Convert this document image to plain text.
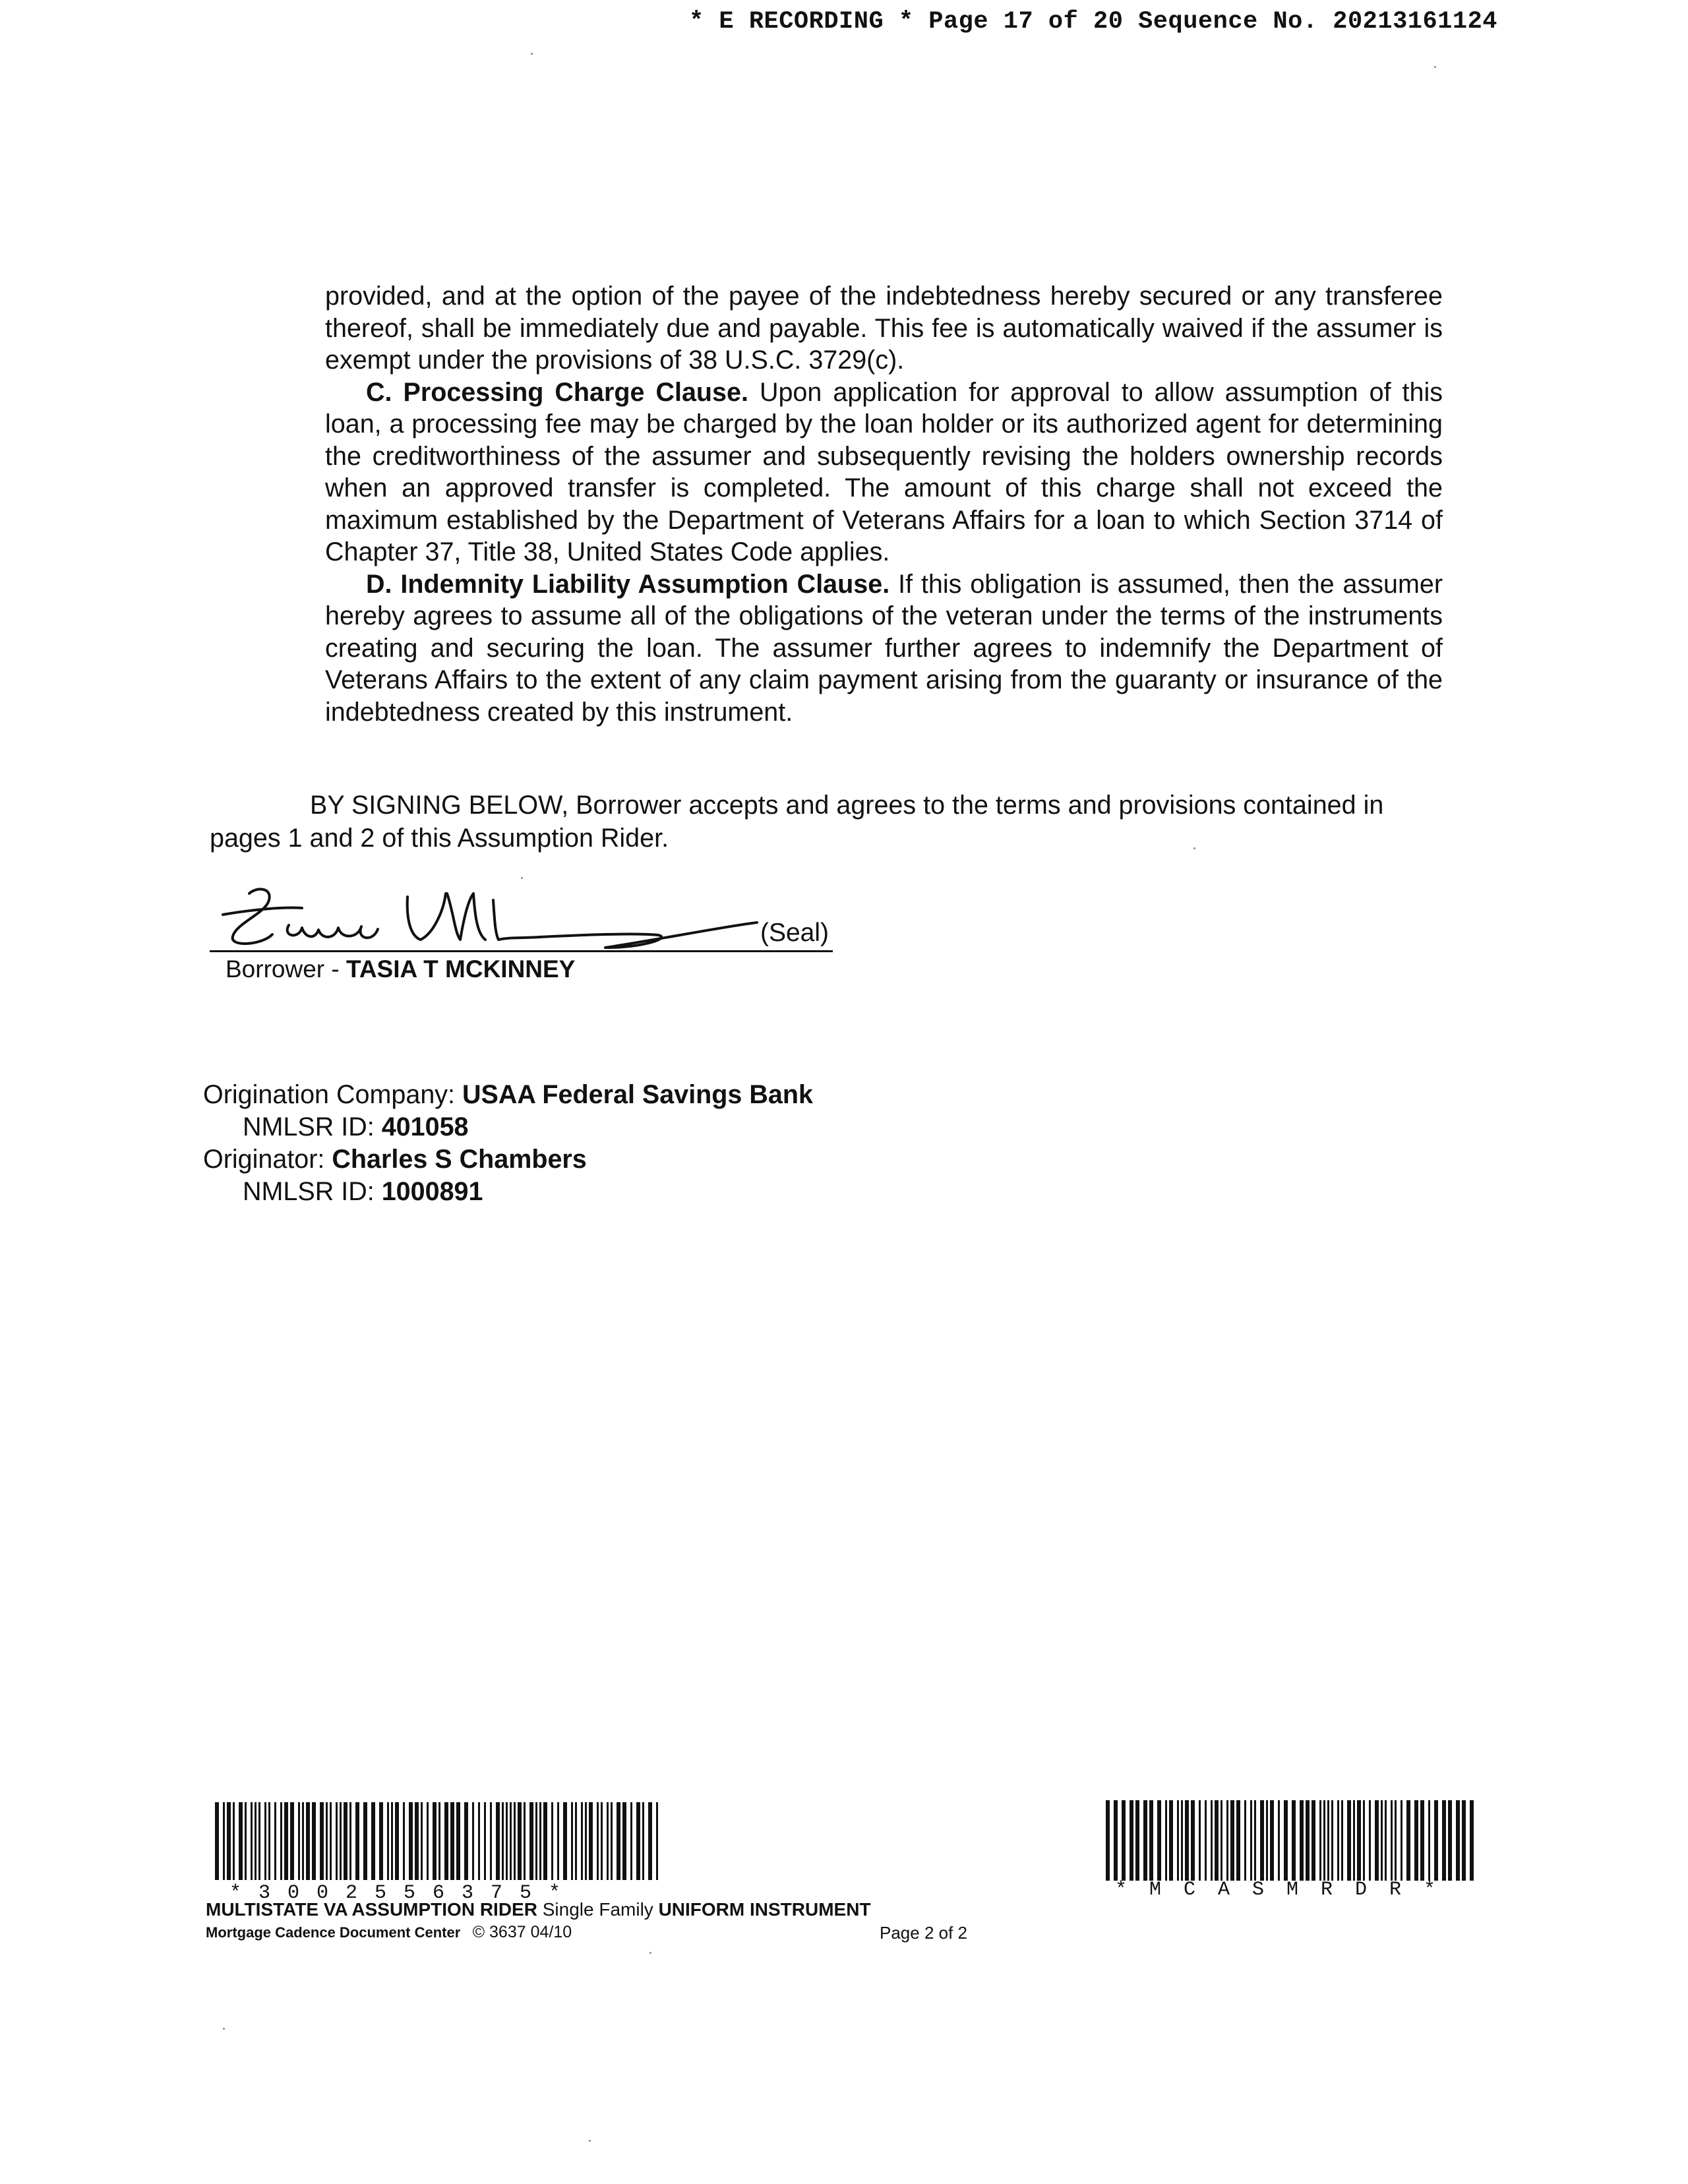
* E RECORDING * Page 17 of 20 Sequence No. 20213161124

provided, and at the option of the payee of the indebtedness hereby secured or any transferee thereof, shall be immediately due and payable. This fee is automatically waived if the assumer is exempt under the provisions of 38 U.S.C. 3729(c).

C. Processing Charge Clause. Upon application for approval to allow assumption of this loan, a processing fee may be charged by the loan holder or its authorized agent for determining the creditworthiness of the assumer and subsequently revising the holders ownership records when an approved transfer is completed. The amount of this charge shall not exceed the maximum established by the Department of Veterans Affairs for a loan to which Section 3714 of Chapter 37, Title 38, United States Code applies.

D. Indemnity Liability Assumption Clause. If this obligation is assumed, then the assumer hereby agrees to assume all of the obligations of the veteran under the terms of the instruments creating and securing the loan. The assumer further agrees to indemnify the Department of Veterans Affairs to the extent of any claim payment arising from the guaranty or insurance of the indebtedness created by this instrument.

BY SIGNING BELOW, Borrower accepts and agrees to the terms and provisions contained in
pages 1 and 2 of this Assumption Rider.
(Seal)
Borrower - TASIA T MCKINNEY
Origination Company: USAA Federal Savings Bank
NMLSR ID: 401058
Originator: Charles S Chambers
NMLSR ID: 1000891
*3002556375*	*MCASMRDR*
MULTISTATE VA ASSUMPTION RIDER Single Family UNIFORM INSTRUMENT
Mortgage Cadence Document Center © 3637 04/10	Page 2 of 2
